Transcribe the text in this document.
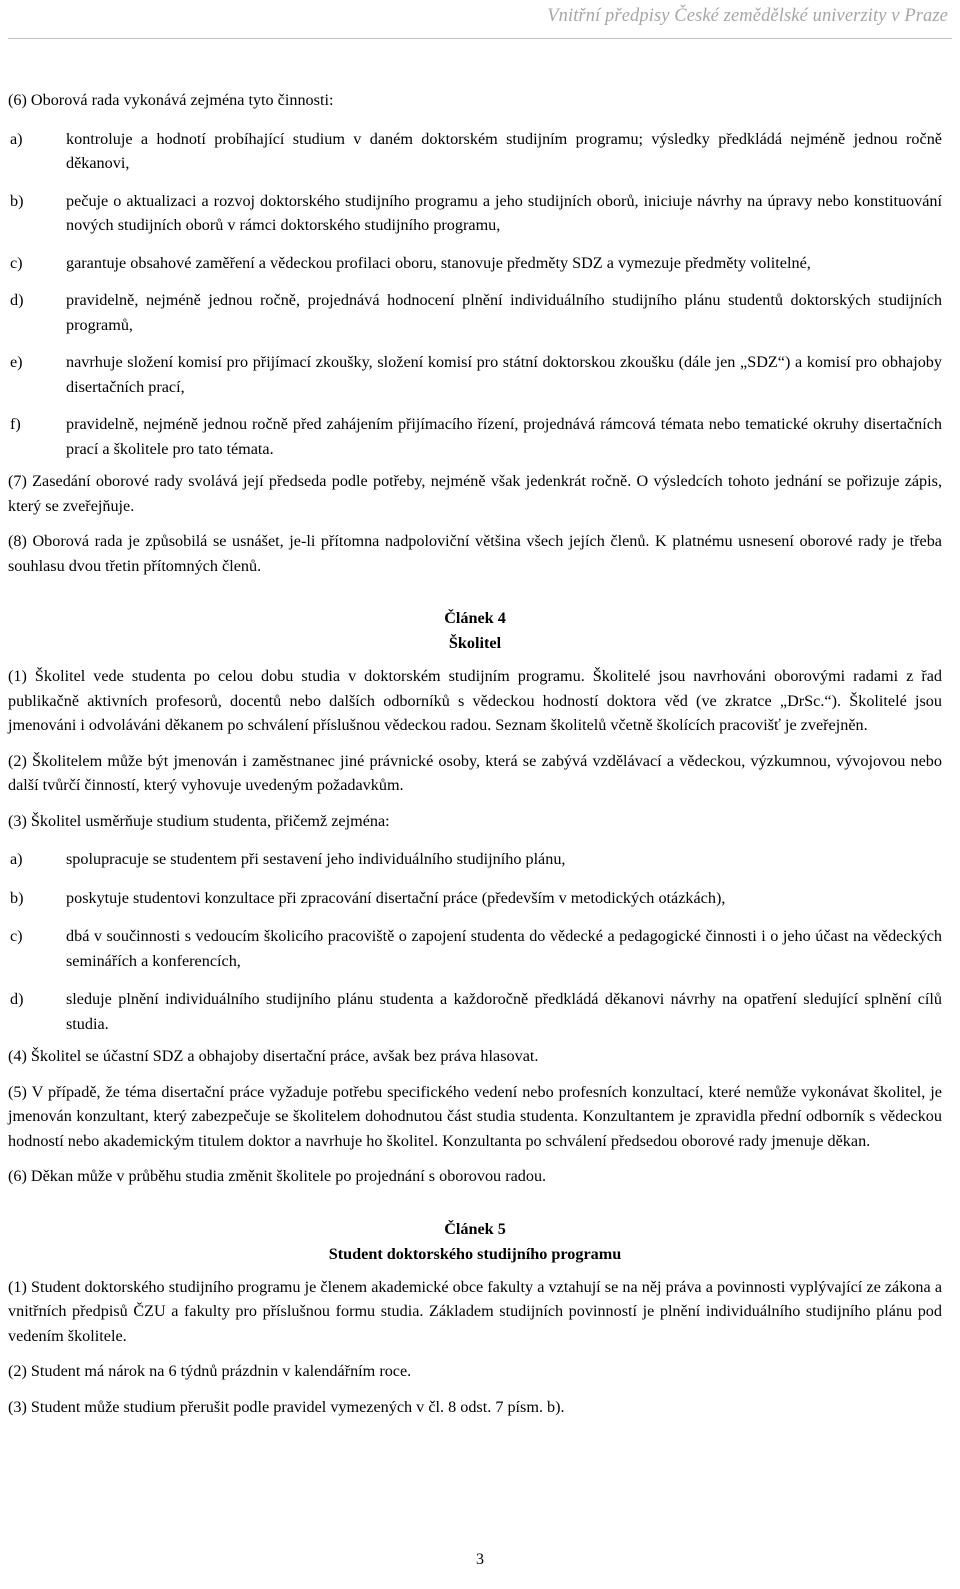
Vnitřní předpisy České zemědělské univerzity v Praze

(6) Oborová rada vykonává zejména tyto činnosti:

a)	kontroluje a hodnotí probíhající studium v daném doktorském studijním programu; výsledky předkládá nejméně jednou ročně děkanovi,
b)	pečuje o aktualizaci a rozvoj doktorského studijního programu a jeho studijních oborů, iniciuje návrhy na úpravy nebo konstituování nových studijních oborů v rámci doktorského studijního programu,
c)	garantuje obsahové zaměření a vědeckou profilaci oboru, stanovuje předměty SDZ a vymezuje předměty volitelné,
d)	pravidelně, nejméně jednou ročně, projednává hodnocení plnění individuálního studijního plánu studentů doktorských studijních programů,
e)	navrhuje složení komisí pro přijímací zkoušky, složení komisí pro státní doktorskou zkoušku (dále jen „SDZ“) a komisí pro obhajoby disertačních prací,
f)	pravidelně, nejméně jednou ročně před zahájením přijímacího řízení, projednává rámcová témata nebo tematické okruhy disertačních prací a školitele pro tato témata.

(7) Zasedání oborové rady svolává její předseda podle potřeby, nejméně však jedenkrát ročně. O výsledcích tohoto jednání se pořizuje zápis, který se zveřejňuje.

(8) Oborová rada je způsobilá se usnášet, je-li přítomna nadpoloviční většina všech jejích členů. K platnému usnesení oborové rady je třeba souhlasu dvou třetin přítomných členů.

Článek 4
Školitel

(1) Školitel vede studenta po celou dobu studia v doktorském studijním programu. Školitelé jsou navrhováni oborovými radami z řad publikačně aktivních profesorů, docentů nebo dalších odborníků s vědeckou hodností doktora věd (ve zkratce „DrSc.“). Školitelé jsou jmenováni i odvoláváni děkanem po schválení příslušnou vědeckou radou. Seznam školitelů včetně školících pracovišť je zveřejněn.

(2) Školitelem může být jmenován i zaměstnanec jiné právnické osoby, která se zabývá vzdělávací a vědeckou, výzkumnou, vývojovou nebo další tvůrčí činností, který vyhovuje uvedeným požadavkům.

(3) Školitel usměrňuje studium studenta, přičemž zejména:

a)	spolupracuje se studentem při sestavení jeho individuálního studijního plánu,
b)	poskytuje studentovi konzultace při zpracování disertační práce (především v metodických otázkách),
c)	dbá v součinnosti s vedoucím školicího pracoviště o zapojení studenta do vědecké a pedagogické činnosti i o jeho účast na vědeckých seminářích a konferencích,
d)	sleduje plnění individuálního studijního plánu studenta a každoročně předkládá děkanovi návrhy na opatření sledující splnění cílů studia.

(4) Školitel se účastní SDZ a obhajoby disertační práce, avšak bez práva hlasovat.

(5) V případě, že téma disertační práce vyžaduje potřebu specifického vedení nebo profesních konzultací, které nemůže vykonávat školitel, je jmenován konzultant, který zabezpečuje se školitelem dohodnutou část studia studenta. Konzultantem je zpravidla přední odborník s vědeckou hodností nebo akademickým titulem doktor a navrhuje ho školitel. Konzultanta po schválení předsedou oborové rady jmenuje děkan.

(6) Děkan může v průběhu studia změnit školitele po projednání s oborovou radou.

Článek 5
Student doktorského studijního programu

(1) Student doktorského studijního programu je členem akademické obce fakulty a vztahují se na něj práva a povinnosti vyplývající ze zákona a vnitřních předpisů ČZU a fakulty pro příslušnou formu studia. Základem studijních povinností je plnění individuálního studijního plánu pod vedením školitele.

(2) Student má nárok na 6 týdnů prázdnin v kalendářním roce.

(3) Student může studium přerušit podle pravidel vymezených v čl. 8 odst. 7 písm. b).

3
